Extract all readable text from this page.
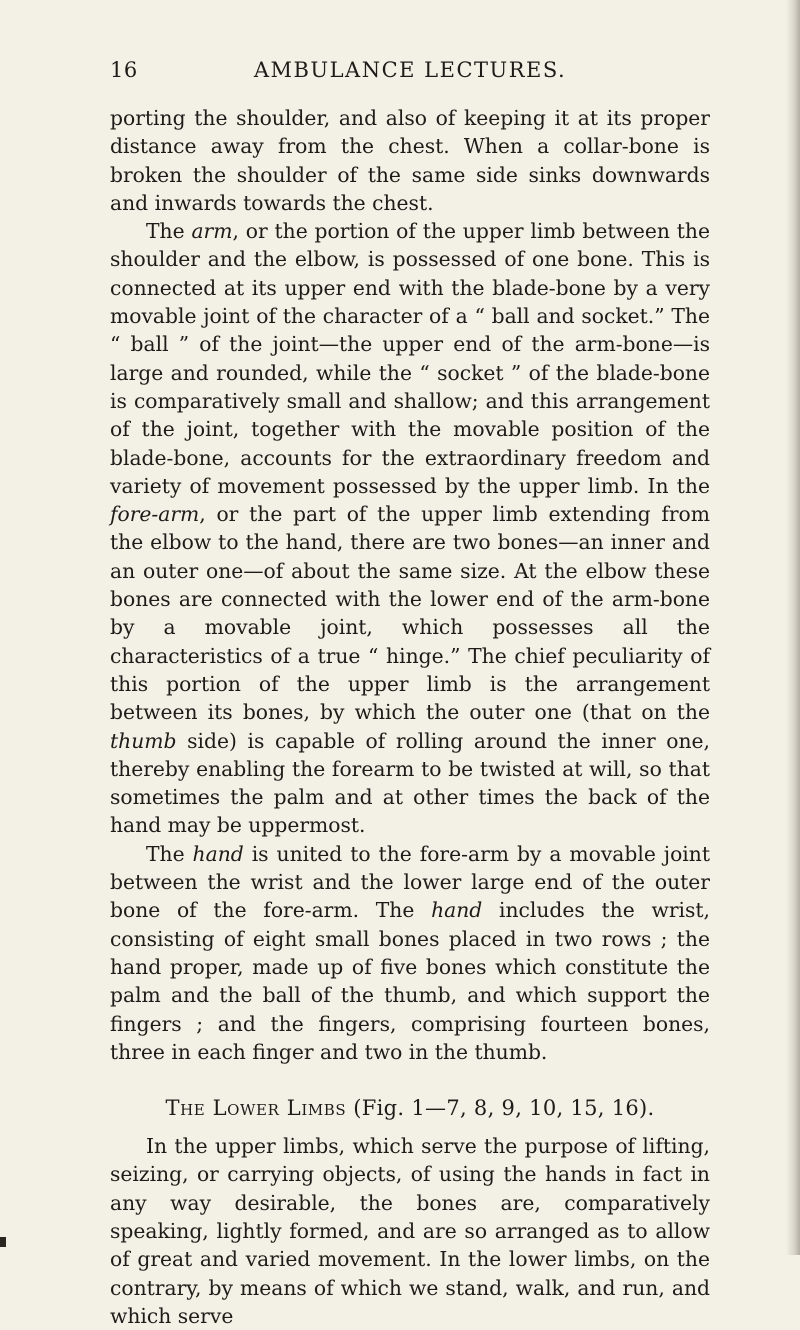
16	AMBULANCE LECTURES.

porting the shoulder, and also of keeping it at its proper distance away from the chest. When a collar-bone is broken the shoulder of the same side sinks downwards and inwards towards the chest.

The arm, or the portion of the upper limb between the shoulder and the elbow, is possessed of one bone. This is connected at its upper end with the blade-bone by a very movable joint of the character of a “ ball and socket.” The “ ball ” of the joint—the upper end of the arm-bone—is large and rounded, while the “ socket ” of the blade-bone is comparatively small and shallow; and this arrangement of the joint, together with the movable position of the blade-bone, accounts for the extraordinary freedom and variety of movement possessed by the upper limb. In the fore-arm, or the part of the upper limb extending from the elbow to the hand, there are two bones—an inner and an outer one—of about the same size. At the elbow these bones are connected with the lower end of the arm-bone by a movable joint, which possesses all the characteristics of a true “ hinge.” The chief peculiarity of this portion of the upper limb is the arrangement between its bones, by which the outer one (that on the thumb side) is capable of rolling around the inner one, thereby enabling the forearm to be twisted at will, so that sometimes the palm and at other times the back of the hand may be uppermost.

The hand is united to the fore-arm by a movable joint between the wrist and the lower large end of the outer bone of the fore-arm. The hand includes the wrist, consisting of eight small bones placed in two rows ; the hand proper, made up of five bones which constitute the palm and the ball of the thumb, and which support the fingers ; and the fingers, comprising fourteen bones, three in each finger and two in the thumb.

The Lower Limbs (Fig. 1—7, 8, 9, 10, 15, 16).

In the upper limbs, which serve the purpose of lifting, seizing, or carrying objects, of using the hands in fact in any way desirable, the bones are, comparatively speaking, lightly formed, and are so arranged as to allow of great and varied movement. In the lower limbs, on the contrary, by means of which we stand, walk, and run, and which serve
